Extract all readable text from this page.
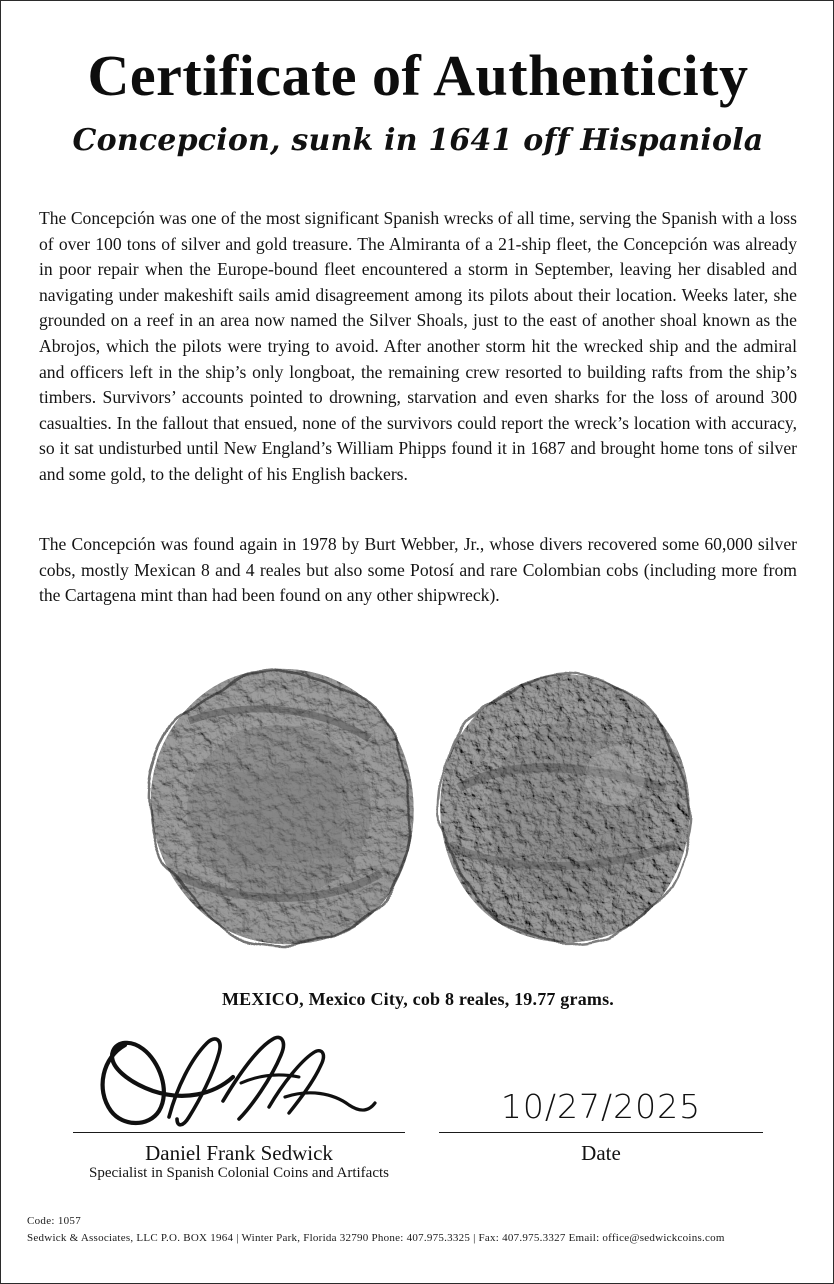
Certificate of Authenticity
Concepcion, sunk in 1641 off Hispaniola
The Concepción was one of the most significant Spanish wrecks of all time, serving the Spanish with a loss of over 100 tons of silver and gold treasure. The Almiranta of a 21-ship fleet, the Concepción was already in poor repair when the Europe-bound fleet encountered a storm in September, leaving her disabled and navigating under makeshift sails amid disagreement among its pilots about their location. Weeks later, she grounded on a reef in an area now named the Silver Shoals, just to the east of another shoal known as the Abrojos, which the pilots were trying to avoid. After another storm hit the wrecked ship and the admiral and officers left in the ship’s only longboat, the remaining crew resorted to building rafts from the ship’s timbers. Survivors’ accounts pointed to drowning, starvation and even sharks for the loss of around 300 casualties. In the fallout that ensued, none of the survivors could report the wreck’s location with accuracy, so it sat undisturbed until New England’s William Phipps found it in 1687 and brought home tons of silver and some gold, to the delight of his English backers.
The Concepción was found again in 1978 by Burt Webber, Jr., whose divers recovered some 60,000 silver cobs, mostly Mexican 8 and 4 reales but also some Potosí and rare Colombian cobs (including more from the Cartagena mint than had been found on any other shipwreck).
MEXICO, Mexico City, cob 8 reales, 19.77 grams.
Daniel Frank Sedwick
Specialist in Spanish Colonial Coins and Artifacts
10/27/2025
Date
Code: 1057
Sedwick & Associates, LLC P.O. BOX 1964 | Winter Park, Florida 32790 Phone: 407.975.3325 | Fax: 407.975.3327 Email: office@sedwickcoins.com
